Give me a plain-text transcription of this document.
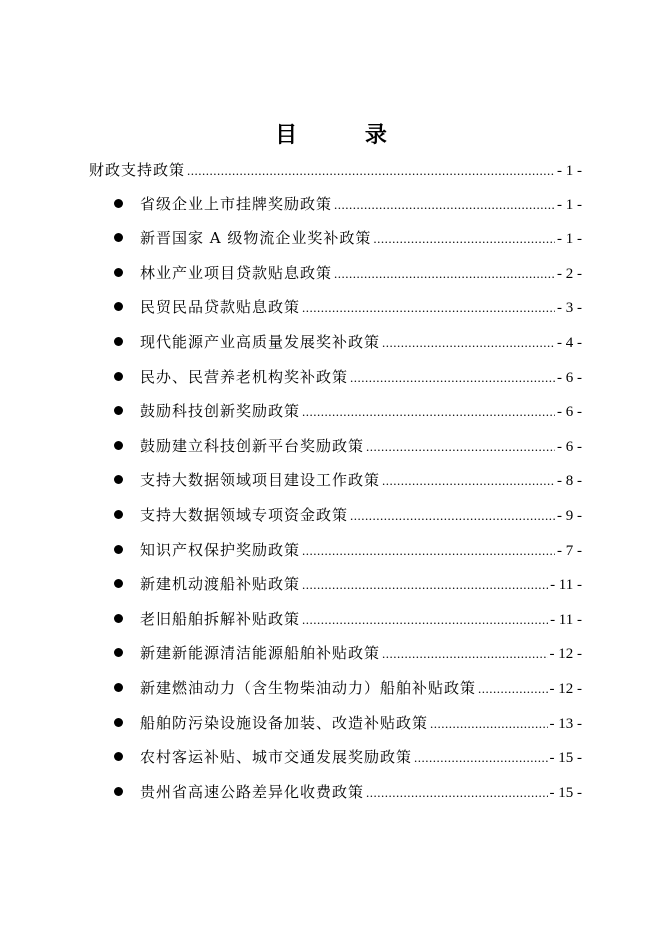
目 录
财政支持政策 .....	- 1 -
省级企业上市挂牌奖励政策 .....	- 1 -
新晋国家 A 级物流企业奖补政策 .....	- 1 -
林业产业项目贷款贴息政策 .....	- 2 -
民贸民品贷款贴息政策 .....	- 3 -
现代能源产业高质量发展奖补政策 .....	- 4 -
民办、民营养老机构奖补政策 .....	- 6 -
鼓励科技创新奖励政策 .....	- 6 -
鼓励建立科技创新平台奖励政策 .....	- 6 -
支持大数据领域项目建设工作政策 .....	- 8 -
支持大数据领域专项资金政策 .....	- 9 -
知识产权保护奖励政策 .....	- 7 -
新建机动渡船补贴政策 .....	- 11 -
老旧船舶拆解补贴政策 .....	- 11 -
新建新能源清洁能源船舶补贴政策 .....	- 12 -
新建燃油动力（含生物柴油动力）船舶补贴政策 .....	- 12 -
船舶防污染设施设备加装、改造补贴政策 .....	- 13 -
农村客运补贴、城市交通发展奖励政策 .....	- 15 -
贵州省高速公路差异化收费政策 .....	- 15 -
